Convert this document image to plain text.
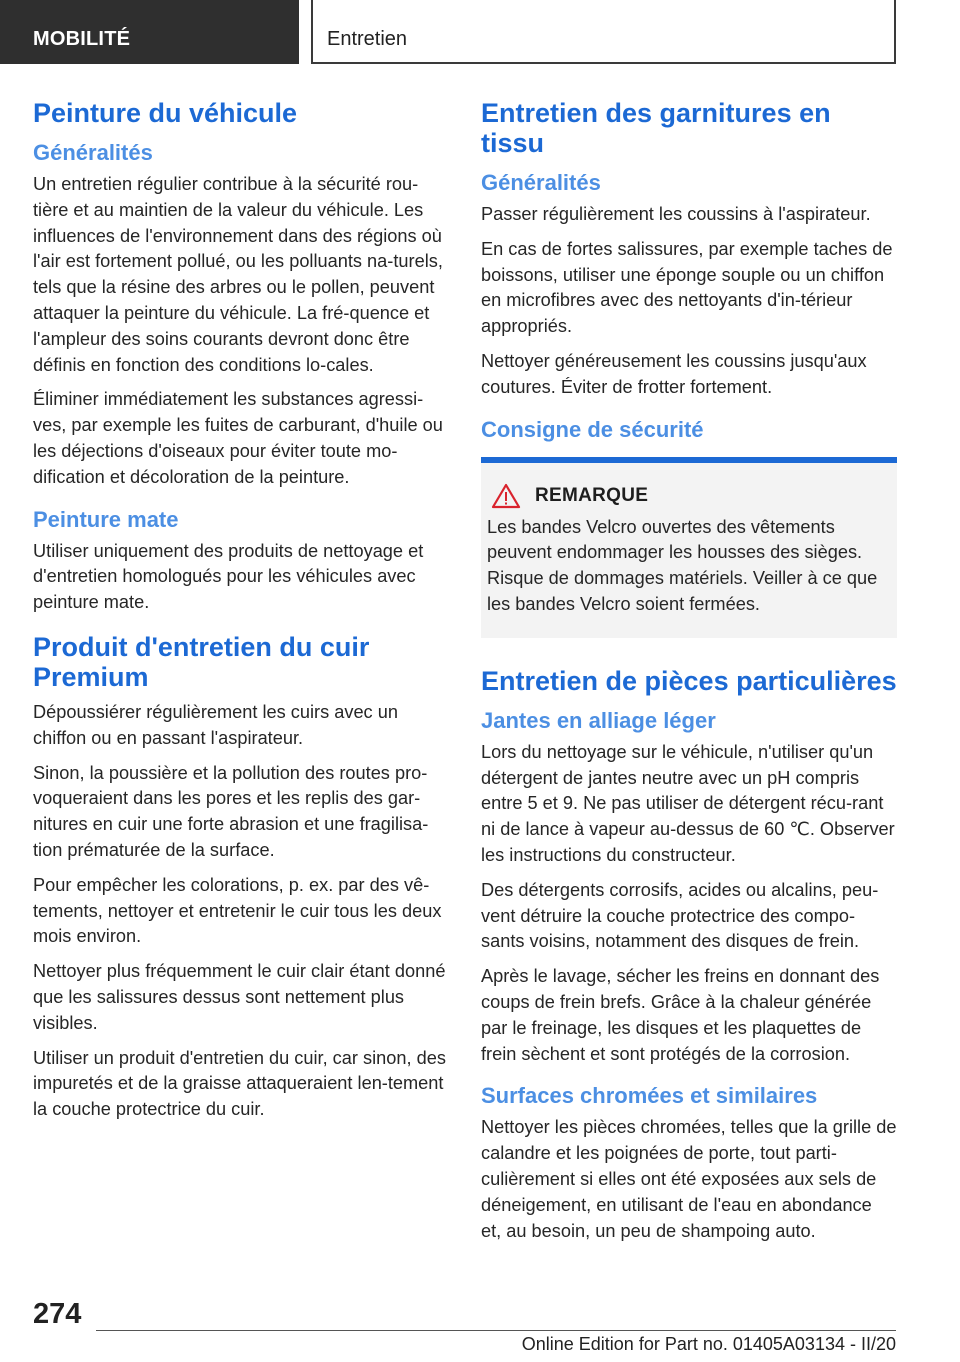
MOBILITÉ	Entretien
Peinture du véhicule
Généralités

Un entretien régulier contribue à la sécurité rou-tière et au maintien de la valeur du véhicule. Les influences de l'environnement dans des régions où l'air est fortement pollué, ou les polluants na-turels, tels que la résine des arbres ou le pollen, peuvent attaquer la peinture du véhicule. La fré-quence et l'ampleur des soins courants devront donc être définis en fonction des conditions lo-cales.

Éliminer immédiatement les substances agressi-ves, par exemple les fuites de carburant, d'huile ou les déjections d'oiseaux pour éviter toute mo-dification et décoloration de la peinture.

Peinture mate

Utiliser uniquement des produits de nettoyage et d'entretien homologués pour les véhicules avec peinture mate.

Produit d'entretien du cuir Premium

Dépoussiérer régulièrement les cuirs avec un chiffon ou en passant l'aspirateur.

Sinon, la poussière et la pollution des routes pro-voqueraient dans les pores et les replis des gar-nitures en cuir une forte abrasion et une fragilisa-tion prématurée de la surface.

Pour empêcher les colorations, p. ex. par des vê-tements, nettoyer et entretenir le cuir tous les deux mois environ.

Nettoyer plus fréquemment le cuir clair étant donné que les salissures dessus sont nettement plus visibles.

Utiliser un produit d'entretien du cuir, car sinon, des impuretés et de la graisse attaqueraient len-tement la couche protectrice du cuir.

Entretien des garnitures en tissu
Généralités

Passer régulièrement les coussins à l'aspirateur.

En cas de fortes salissures, par exemple taches de boissons, utiliser une éponge souple ou un chiffon en microfibres avec des nettoyants d'in-térieur appropriés.

Nettoyer généreusement les coussins jusqu'aux coutures. Éviter de frotter fortement.

Consigne de sécurité
REMARQUE

Les bandes Velcro ouvertes des vêtements peuvent endommager les housses des sièges. Risque de dommages matériels. Veiller à ce que les bandes Velcro soient fermées.

Entretien de pièces particulières
Jantes en alliage léger

Lors du nettoyage sur le véhicule, n'utiliser qu'un détergent de jantes neutre avec un pH compris entre 5 et 9. Ne pas utiliser de détergent récu-rant ni de lance à vapeur au-dessus de 60 ℃. Observer les instructions du constructeur.

Des détergents corrosifs, acides ou alcalins, peu-vent détruire la couche protectrice des compo-sants voisins, notamment des disques de frein.

Après le lavage, sécher les freins en donnant des coups de frein brefs. Grâce à la chaleur générée par le freinage, les disques et les plaquettes de frein sèchent et sont protégés de la corrosion.

Surfaces chromées et similaires

Nettoyer les pièces chromées, telles que la grille de calandre et les poignées de porte, tout parti-culièrement si elles ont été exposées aux sels de déneigement, en utilisant de l'eau en abondance et, au besoin, un peu de shampoing auto.

274
Online Edition for Part no. 01405A03134 - II/20
